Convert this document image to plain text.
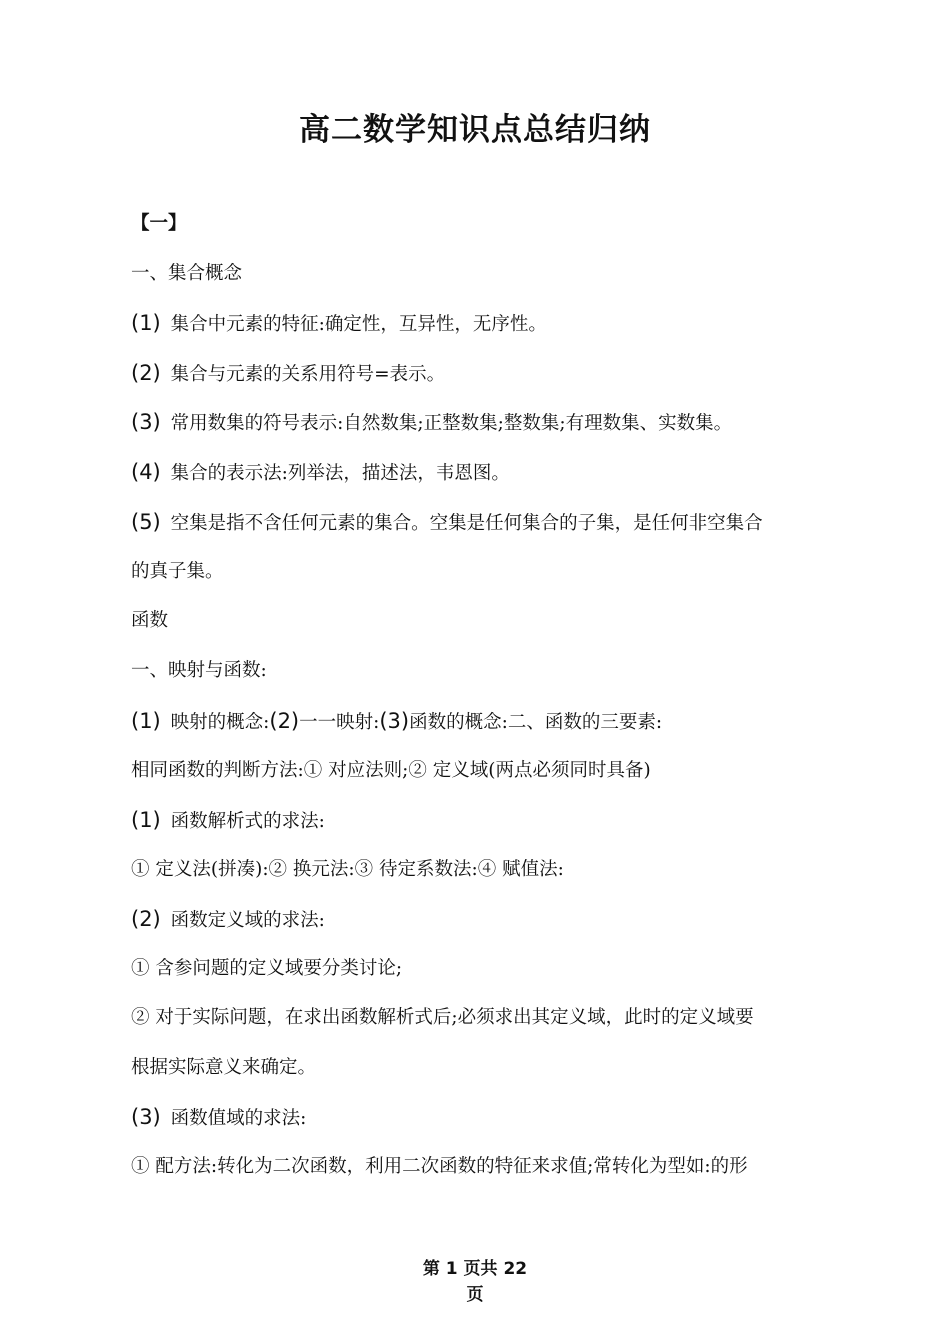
高二数学知识点总结归纳
【一】
一、集合概念
(1) 集合中元素的特征:确定性，互异性，无序性。
(2) 集合与元素的关系用符号=表示。
(3) 常用数集的符号表示:自然数集;正整数集;整数集;有理数集、实数集。
(4) 集合的表示法:列举法，描述法，韦恩图。
(5) 空集是指不含任何元素的集合。空集是任何集合的子集，是任何非空集合
的真子集。
函数
一、映射与函数:
(1) 映射的概念:(2)一一映射:(3)函数的概念:二、函数的三要素:
相同函数的判断方法:① 对应法则;② 定义域(两点必须同时具备)
(1) 函数解析式的求法:
① 定义法(拼凑):② 换元法:③ 待定系数法:④ 赋值法:
(2) 函数定义域的求法:
① 含参问题的定义域要分类讨论;
② 对于实际问题，在求出函数解析式后;必须求出其定义域，此时的定义域要
根据实际意义来确定。
(3) 函数值域的求法:
① 配方法:转化为二次函数，利用二次函数的特征来求值;常转化为型如:的形
第 1 页共 22
页
